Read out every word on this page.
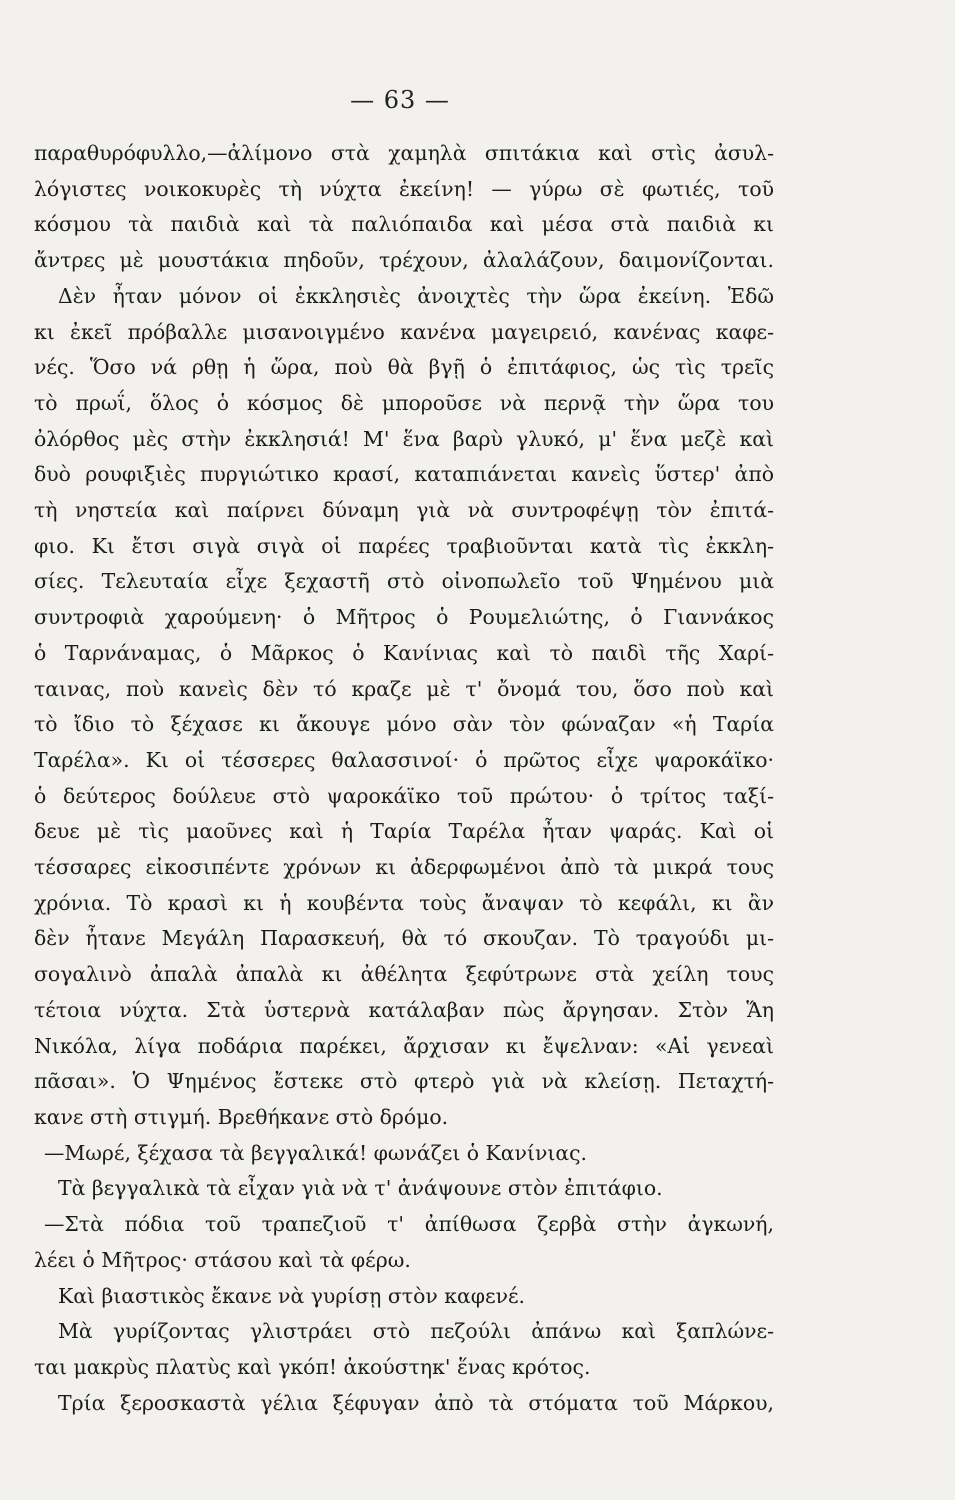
— 63 —
παραθυρόφυλλο,—ἀλίμονο στὰ χαμηλὰ σπιτάκια καὶ στὶς ἀσυλ-
λόγιστες νοικοκυρὲς τὴ νύχτα ἐκείνη! — γύρω σὲ φωτιές, τοῦ
κόσμου τὰ παιδιὰ καὶ τὰ παλιόπαιδα καὶ μέσα στὰ παιδιὰ κι
ἄντρες μὲ μουστάκια πηδοῦν, τρέχουν, ἀλαλάζουν, δαιμονίζονται.
Δὲν ἦταν μόνον οἱ ἐκκλησιὲς ἀνοιχτὲς τὴν ὥρα ἐκείνη. Ἐδῶ
κι ἐκεῖ πρόβαλλε μισανοιγμένο κανένα μαγειρειό, κανένας καφε-
νές. Ὅσο νά ρθῃ ἡ ὥρα, ποὺ θὰ βγῇ ὁ ἐπιτάφιος, ὡς τὶς τρεῖς
τὸ πρωΐ, ὅλος ὁ κόσμος δὲ μποροῦσε νὰ περνᾷ τὴν ὥρα του
ὀλόρθος μὲς στὴν ἐκκλησιά! Μ' ἕνα βαρὺ γλυκό, μ' ἕνα μεζὲ καὶ
δυὸ ρουφιξιὲς πυργιώτικο κρασί, καταπιάνεται κανεὶς ὕστερ' ἀπὸ
τὴ νηστεία καὶ παίρνει δύναμη γιὰ νὰ συντροφέψῃ τὸν ἐπιτά-
φιο. Κι ἔτσι σιγὰ σιγὰ οἱ παρέες τραβιοῦνται κατὰ τὶς ἐκκλη-
σίες. Τελευταία εἶχε ξεχαστῆ στὸ οἰνοπωλεῖο τοῦ Ψημένου μιὰ
συντροφιὰ χαρούμενη· ὁ Μῆτρος ὁ Ρουμελιώτης, ὁ Γιαννάκος
ὁ Ταρνάναμας, ὁ Μᾶρκος ὁ Κανίνιας καὶ τὸ παιδὶ τῆς Χαρί-
ταινας, ποὺ κανεὶς δὲν τό κραζε μὲ τ' ὄνομά του, ὅσο ποὺ καὶ
τὸ ἴδιο τὸ ξέχασε κι ἄκουγε μόνο σὰν τὸν φώναζαν «ἡ Ταρία
Ταρέλα». Κι οἱ τέσσερες θαλασσινοί· ὁ πρῶτος εἶχε ψαροκάϊκο·
ὁ δεύτερος δούλευε στὸ ψαροκάϊκο τοῦ πρώτου· ὁ τρίτος ταξί-
δευε μὲ τὶς μαοῦνες καὶ ἡ Ταρία Ταρέλα ἦταν ψαράς. Καὶ οἱ
τέσσαρες εἰκοσιπέντε χρόνων κι ἀδερφωμένοι ἀπὸ τὰ μικρά τους
χρόνια. Τὸ κρασὶ κι ἡ κουβέντα τοὺς ἄναψαν τὸ κεφάλι, κι ἂν
δὲν ἦτανε Μεγάλη Παρασκευή, θὰ τό σκουζαν. Τὸ τραγούδι μι-
σογαλινὸ ἀπαλὰ ἀπαλὰ κι ἀθέλητα ξεφύτρωνε στὰ χείλη τους
τέτοια νύχτα. Στὰ ὑστερνὰ κατάλαβαν πὼς ἄργησαν. Στὸν Ἅη
Νικόλα, λίγα ποδάρια παρέκει, ἄρχισαν κι ἔψελναν: «Αἱ γενεαὶ
πᾶσαι». Ὁ Ψημένος ἔστεκε στὸ φτερὸ γιὰ νὰ κλείσῃ. Πεταχτή-
κανε στὴ στιγμή. Βρεθήκανε στὸ δρόμο.
—Μωρέ, ξέχασα τὰ βεγγαλικά! φωνάζει ὁ Κανίνιας.
Τὰ βεγγαλικὰ τὰ εἶχαν γιὰ νὰ τ' ἀνάψουνε στὸν ἐπιτάφιο.
—Στὰ πόδια τοῦ τραπεζιοῦ τ' ἀπίθωσα ζερβὰ στὴν ἀγκωνή,
λέει ὁ Μῆτρος· στάσου καὶ τὰ φέρω.
Καὶ βιαστικὸς ἔκανε νὰ γυρίσῃ στὸν καφενέ.
Μὰ γυρίζοντας γλιστράει στὸ πεζούλι ἀπάνω καὶ ξαπλώνε-
ται μακρὺς πλατὺς καὶ γκόπ! ἀκούστηκ' ἕνας κρότος.
Τρία ξεροσκαστὰ γέλια ξέφυγαν ἀπὸ τὰ στόματα τοῦ Μάρκου,
